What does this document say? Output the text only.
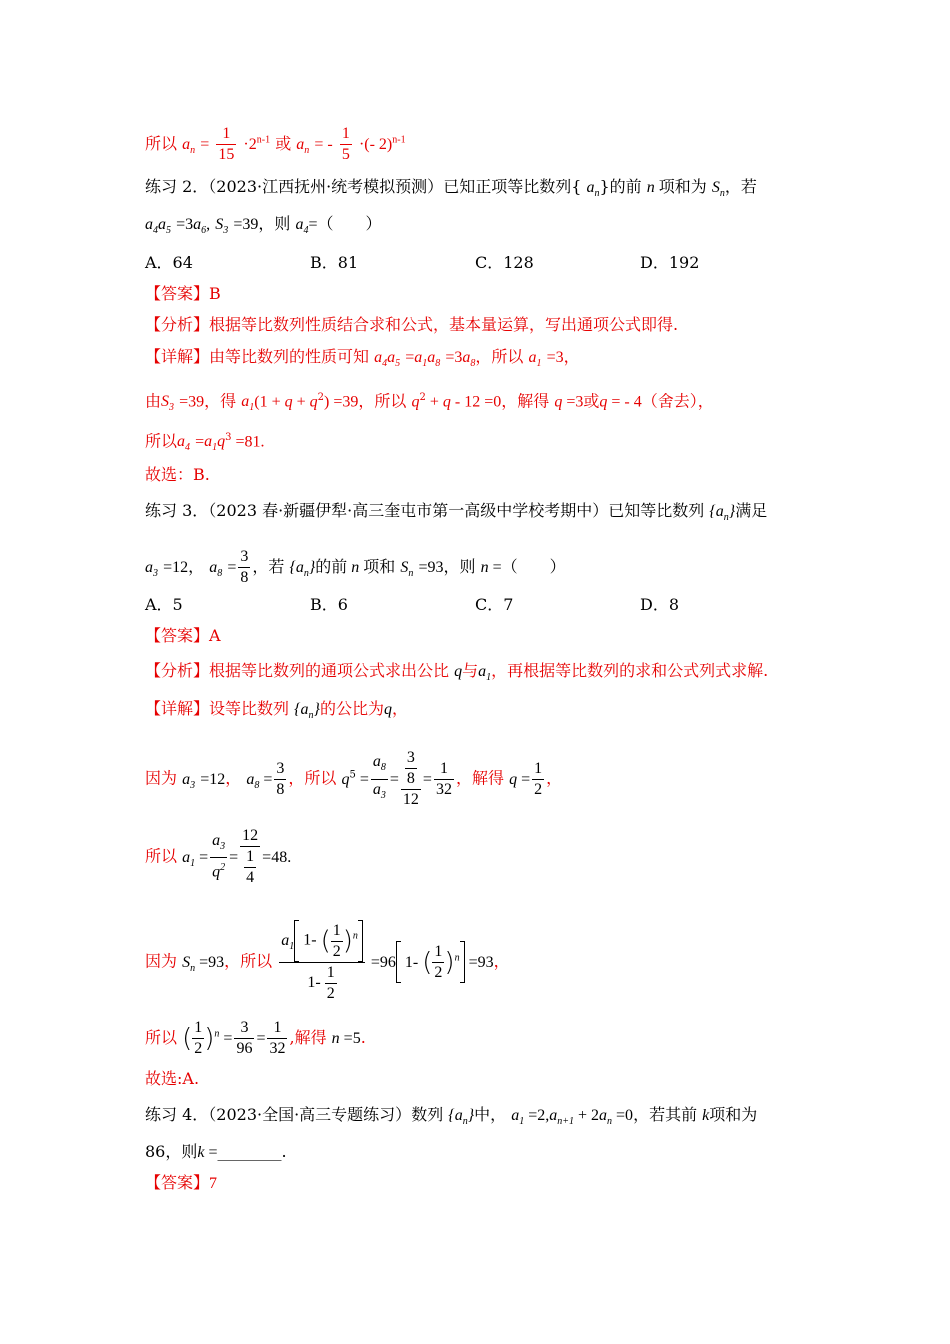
所以 $a_n = \frac{1}{15} \cdot 2^{n-1}$ 或 $a_n$ = - $\frac{1}{5}$ ·(- 2)$^{n-1}$
练习 2．（2023·江西抚州·统考模拟预测）已知正项等比数列{ $a_n$}的前 n 项和为 $S_n$，若
$a_4a_5 =3a_6$, $S_3 =39$，则 $a_4=$（　　）
A．64	B．81	C．128	D．192
【答案】B
【分析】根据等比数列性质结合求和公式，基本量运算，写出通项公式即得.
【详解】由等比数列的性质可知 $a_4a_5 =a_1a_8 =3a_8$，所以 $a_1 =3$，
由$S_3 =39$，得 $a_1(1 + q + q^2) =39$，所以 $q^2 + q - 12 =0$，解得 q =3或q = - 4（舍去），
所以$a_4 =a_1q^3 =81$.
故选：B.
练习 3．（2023 春·新疆伊犁·高三奎屯市第一高级中学校考期中）已知等比数列 $\{a_n\}$满足
$a_3 =12$， $a_8 = \frac{3}{8}$ ，若 $\{a_n\}$的前 n 项和 $S_n =93$，则 n =（　　）
A．5	B．6	C．7	D．8
【答案】A
【分析】根据等比数列的通项公式求出公比 q与$a_1$，再根据等比数列的求和公式列式求解.
【详解】设等比数列 $\{a_n\}$的公比为q，
因为 $a_3 =12$， $a_8 = \frac{3}{8}$ ，所以 $q^5 = \frac{a_8}{a_3} = \frac{\frac{3}{8}}{12} = \frac{1}{32}$ ，解得 $q = \frac{1}{2}$ ，
所以 $a_1 = \frac{a_3}{q^2} = \frac{12}{\frac{1}{4}} =48$.
因为 $S_n =93$，所以 $\frac{a_1 1- ( \frac{1}{2} )^n}{1- \frac{1}{2}} =96$ 1- ( $\frac{1}{2} )^n =93$，
所以 ( $\frac{1}{2} )^n = \frac{3}{96} = \frac{1}{32}$ ,解得 n =5.
故选:A.
练习 4．（2023·全国·高三专题练习）数列 $\{a_n\}$中， $a_1 =2,a_{n+1} + 2a_n =0$，若其前 k项和为
86，则k =________.
【答案】7
